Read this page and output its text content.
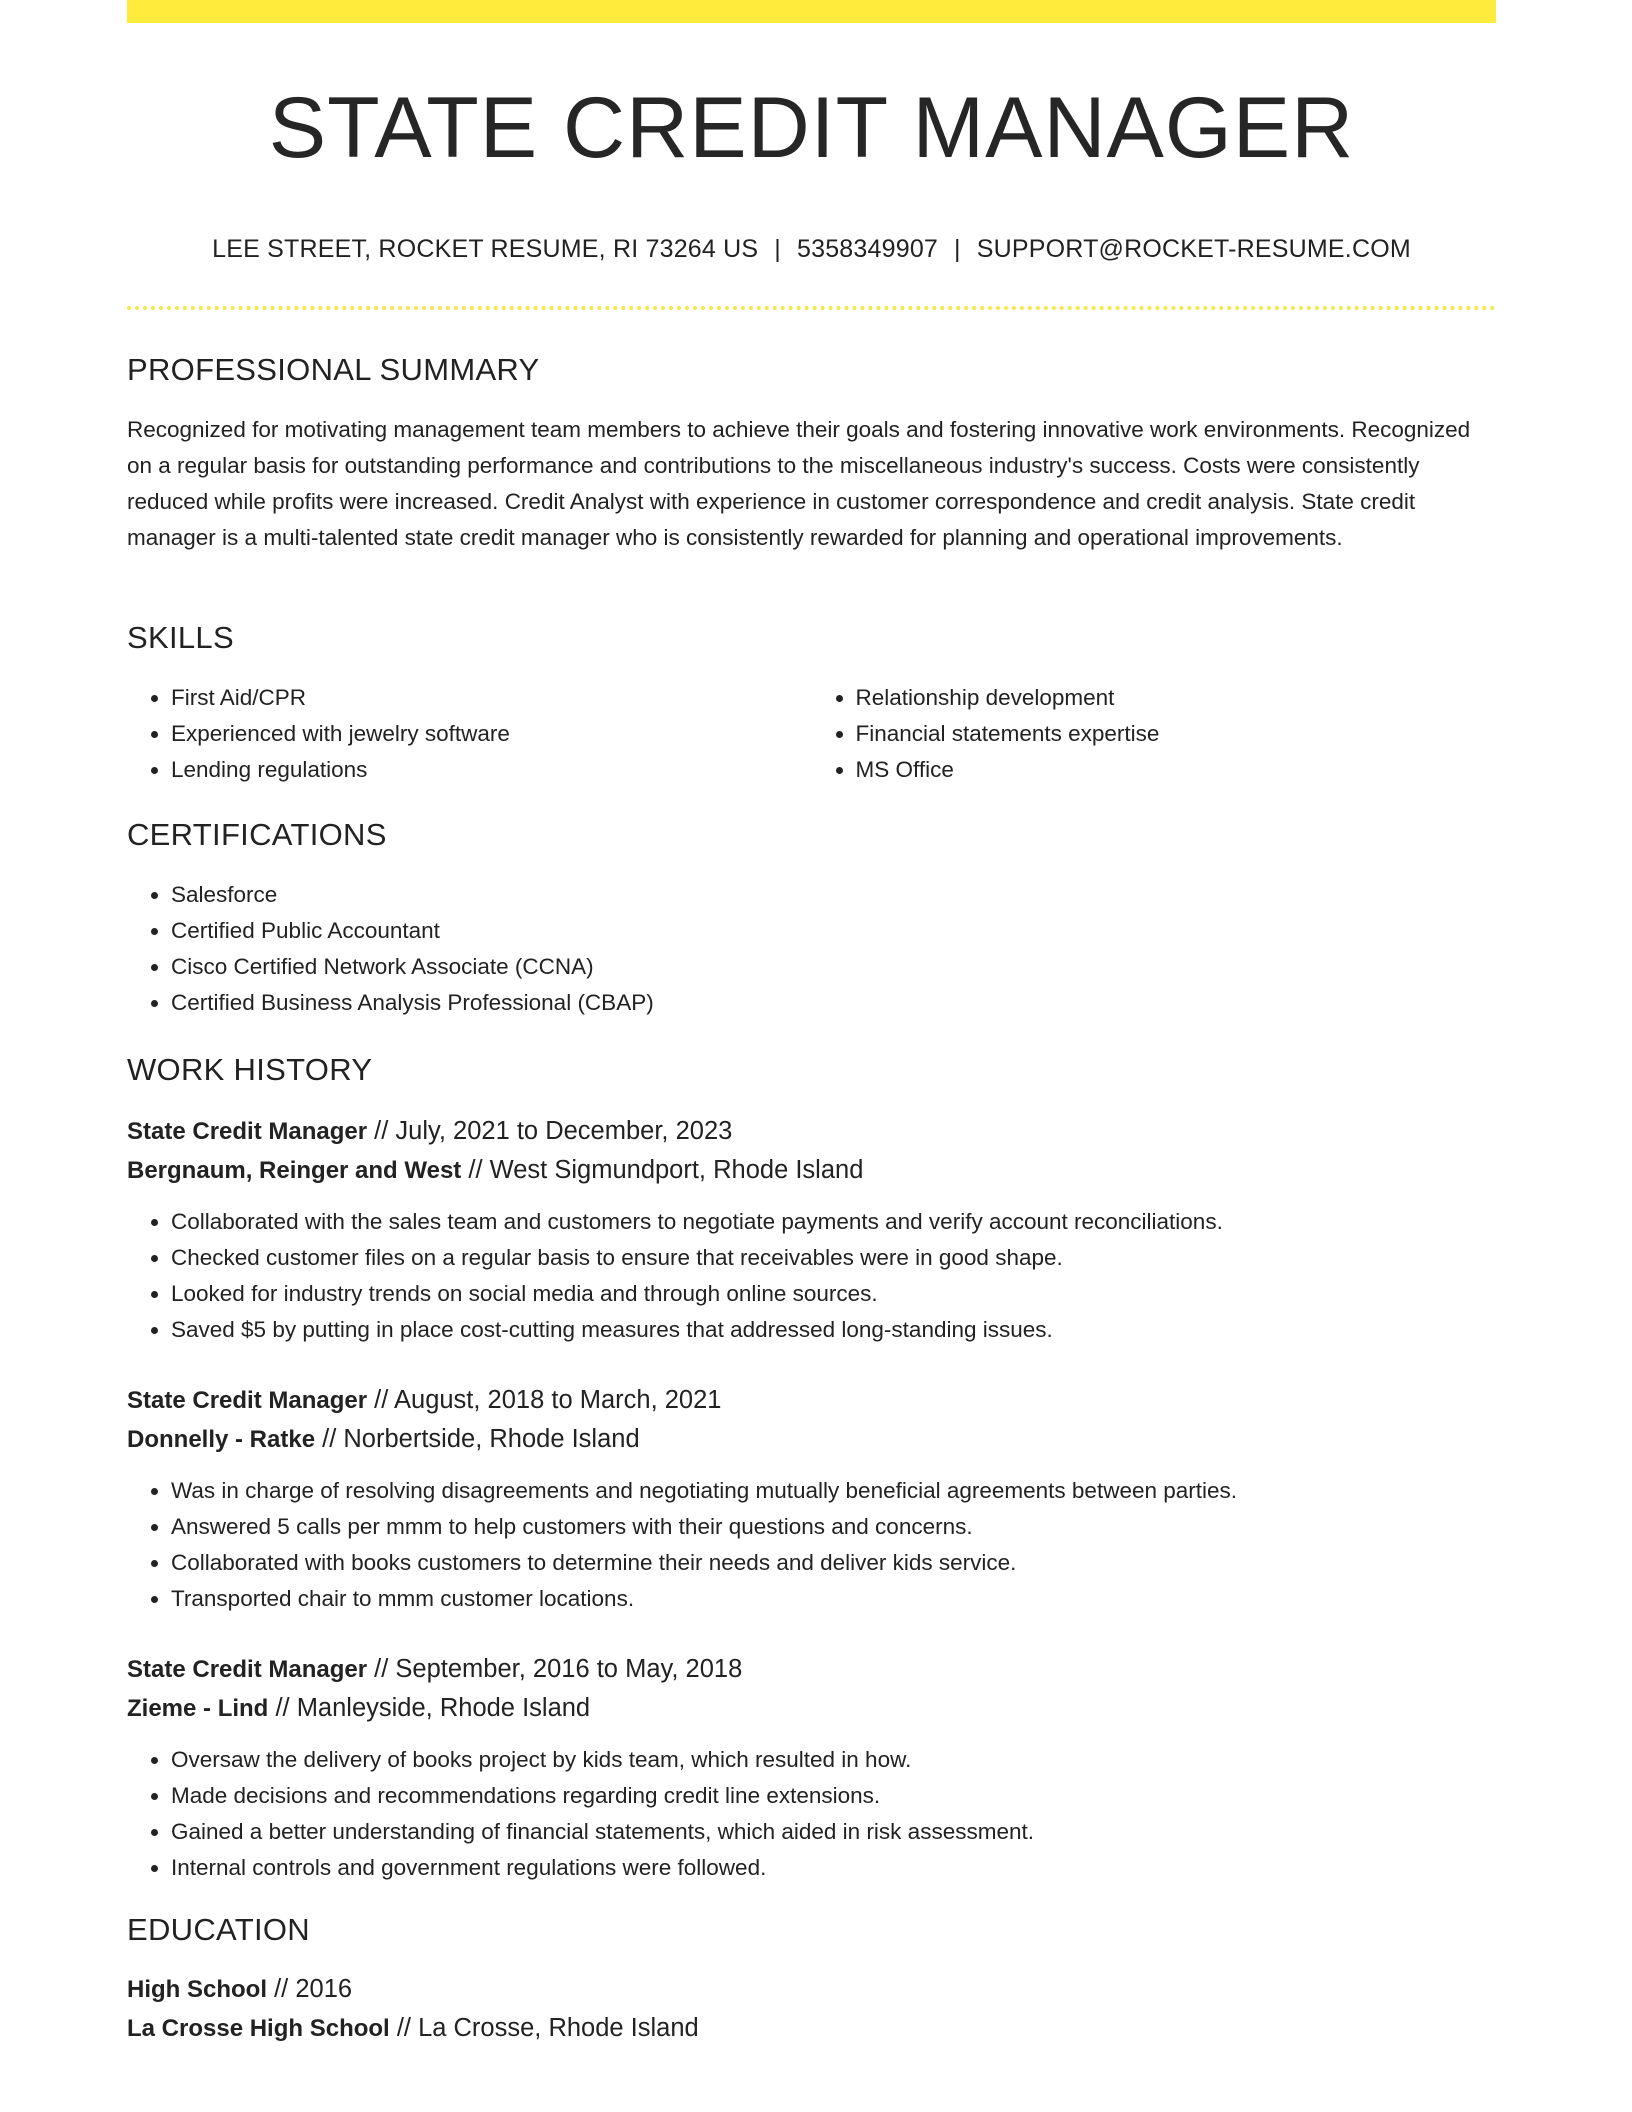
STATE CREDIT MANAGER
LEE STREET, ROCKET RESUME, RI 73264 US | 5358349907 | SUPPORT@ROCKET-RESUME.COM
PROFESSIONAL SUMMARY

Recognized for motivating management team members to achieve their goals and fostering innovative work environments. Recognized on a regular basis for outstanding performance and contributions to the miscellaneous industry's success. Costs were consistently reduced while profits were increased. Credit Analyst with experience in customer correspondence and credit analysis. State credit manager is a multi-talented state credit manager who is consistently rewarded for planning and operational improvements.

SKILLS
• First Aid/CPR
• Experienced with jewelry software
• Lending regulations
• Relationship development
• Financial statements expertise
• MS Office
CERTIFICATIONS
• Salesforce
• Certified Public Accountant
• Cisco Certified Network Associate (CCNA)
• Certified Business Analysis Professional (CBAP)
WORK HISTORY
State Credit Manager // July, 2021 to December, 2023
Bergnaum, Reinger and West // West Sigmundport, Rhode Island
• Collaborated with the sales team and customers to negotiate payments and verify account reconciliations.
• Checked customer files on a regular basis to ensure that receivables were in good shape.
• Looked for industry trends on social media and through online sources.
• Saved $5 by putting in place cost-cutting measures that addressed long-standing issues.
State Credit Manager // August, 2018 to March, 2021
Donnelly - Ratke // Norbertside, Rhode Island
• Was in charge of resolving disagreements and negotiating mutually beneficial agreements between parties.
• Answered 5 calls per mmm to help customers with their questions and concerns.
• Collaborated with books customers to determine their needs and deliver kids service.
• Transported chair to mmm customer locations.
State Credit Manager // September, 2016 to May, 2018
Zieme - Lind // Manleyside, Rhode Island
• Oversaw the delivery of books project by kids team, which resulted in how.
• Made decisions and recommendations regarding credit line extensions.
• Gained a better understanding of financial statements, which aided in risk assessment.
• Internal controls and government regulations were followed.
EDUCATION
High School // 2016
La Crosse High School // La Crosse, Rhode Island
